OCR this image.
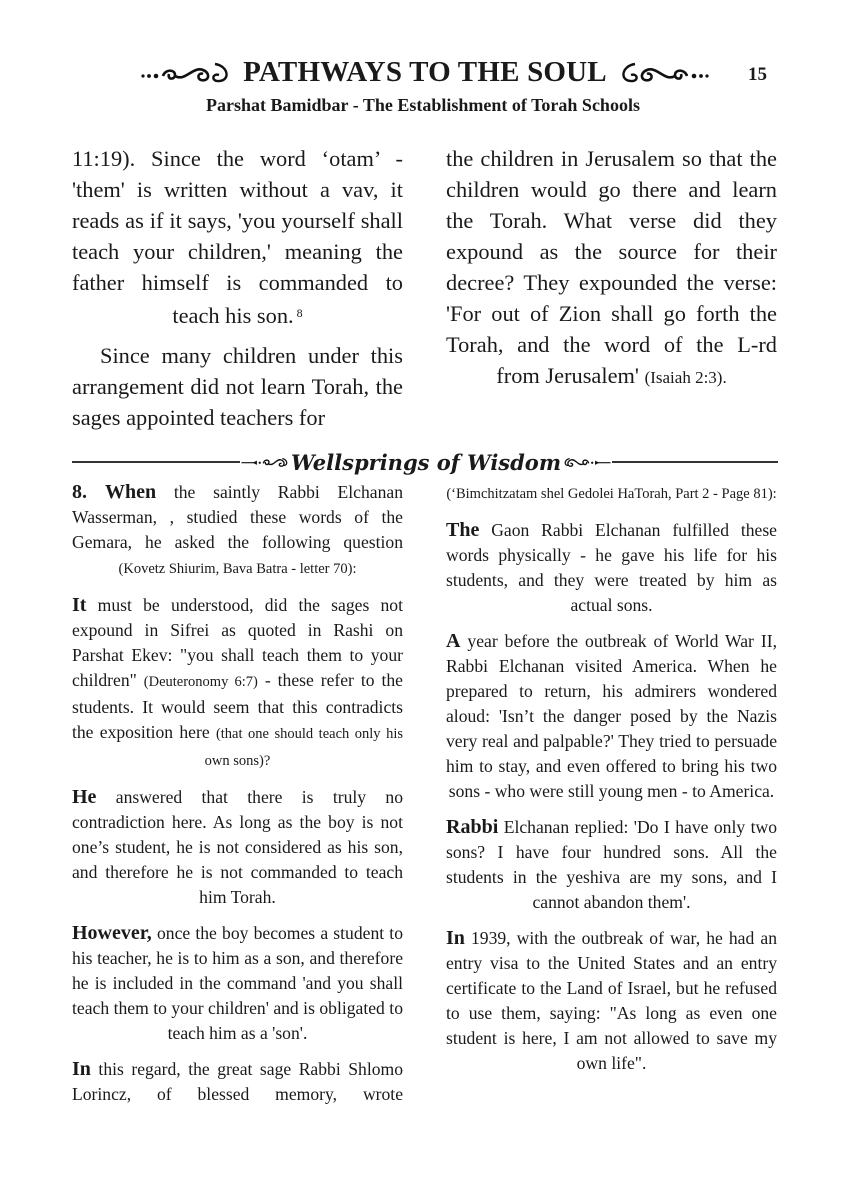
PATHWAYS TO THE SOUL	15
Parshat Bamidbar - The Establishment of Torah Schools

11:19). Since the word ‘otam’ - 'them' is written without a vav, it reads as if it says, 'you yourself shall teach your children,' meaning the father himself is commanded to teach his son. $^8$

Since many children under this arrangement did not learn Torah, the sages appointed teachers for

the children in Jerusalem so that the children would go there and learn the Torah. What verse did they expound as the source for their decree? They expounded the verse: 'For out of Zion shall go forth the Torah, and the word of the L-rd from Jerusalem' (Isaiah 2:3).

Wellsprings of Wisdom

8. When the saintly Rabbi Elchanan Wasserman, , studied these words of the Gemara, he asked the following question (Kovetz Shiurim, Bava Batra - letter 70):

It must be understood, did the sages not expound in Sifrei as quoted in Rashi on Parshat Ekev: "you shall teach them to your children" (Deuteronomy 6:7) - these refer to the students. It would seem that this contradicts the exposition here (that one should teach only his own sons)?

He answered that there is truly no contradiction here. As long as the boy is not one’s student, he is not considered as his son, and therefore he is not commanded to teach him Torah.

However, once the boy becomes a student to his teacher, he is to him as a son, and therefore he is included in the command 'and you shall teach them to your children' and is obligated to teach him as a 'son'.

In this regard, the great sage Rabbi Shlomo Lorincz, of blessed memory, wrote

(‘Bimchitzatam shel Gedolei HaTorah, Part 2 - Page 81):

The Gaon Rabbi Elchanan fulfilled these words physically - he gave his life for his students, and they were treated by him as actual sons.

A year before the outbreak of World War II, Rabbi Elchanan visited America. When he prepared to return, his admirers wondered aloud: 'Isn’t the danger posed by the Nazis very real and palpable?' They tried to persuade him to stay, and even offered to bring his two sons - who were still young men - to America.

Rabbi Elchanan replied: 'Do I have only two sons? I have four hundred sons. All the students in the yeshiva are my sons, and I cannot abandon them'.

In 1939, with the outbreak of war, he had an entry visa to the United States and an entry certificate to the Land of Israel, but he refused to use them, saying: "As long as even one student is here, I am not allowed to save my own life".
